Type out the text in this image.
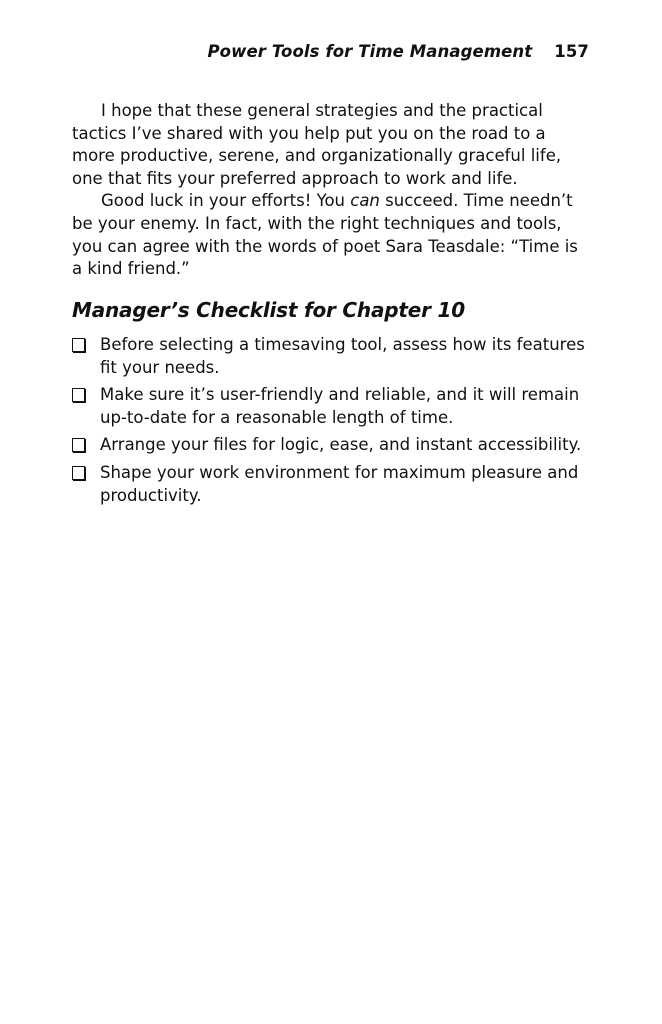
Power Tools for Time Management 157

I hope that these general strategies and the practical tactics I’ve shared with you help put you on the road to a more productive, serene, and organizationally graceful life, one that fits your preferred approach to work and life.

Good luck in your efforts! You can succeed. Time needn’t be your enemy. In fact, with the right techniques and tools, you can agree with the words of poet Sara Teasdale: “Time is a kind friend.”

Manager’s Checklist for Chapter 10
Before selecting a timesaving tool, assess how its features fit your needs.
Make sure it’s user-friendly and reliable, and it will remain up-to-date for a reasonable length of time.
Arrange your files for logic, ease, and instant accessibility.
Shape your work environment for maximum pleasure and productivity.
